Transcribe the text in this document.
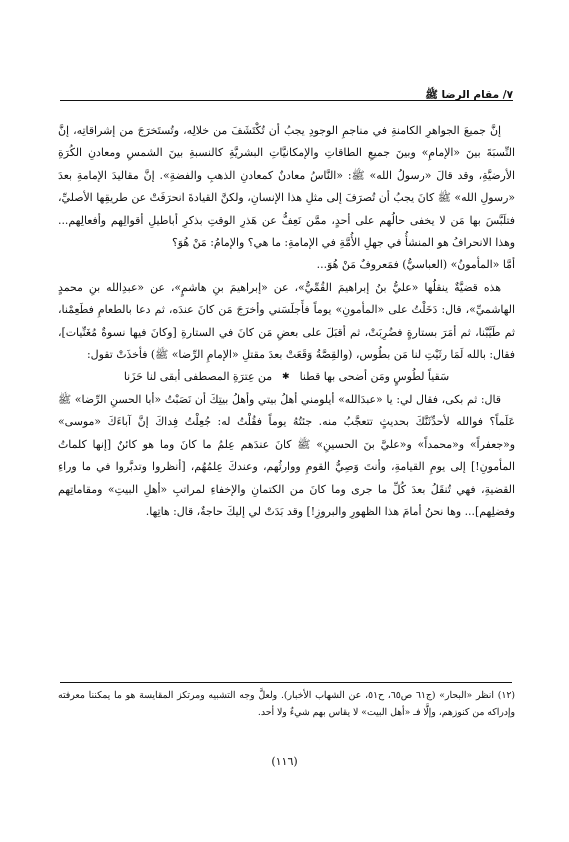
٧/ مقام الرضا ﷺ

إنَّ جميعَ الجواهرِ الكامنةِ في مناجمِ الوجودِ يجبُ أن تُكْتَشَفَ من خلالِه، وتُستَخرَجَ من إشراقاتِه، إنَّ النِّسبَةَ بينَ «الإمامِ» وبينَ جميعِ الطاقاتِ والإمكانيَّاتِ البشريَّةِ كالنسبةِ بينَ الشمسِ ومعادنِ الكُرَةِ الأرضيَّةِ، وقد قالَ «رسولُ الله» ﷺ: «النَّاسُ معادنٌ كمعادنِ الذهبِ والفضةِ». إنَّ مقاليدَ الإمامةِ بعدَ «رسولِ الله» ﷺ كانَ يجبُ أن تُصرَفَ إلى مثلِ هذا الإنسانِ، ولكنَّ القيادةَ انحرَفَتْ عن طريقِها الأصليِّ، فتلَبَّسَ بها مَن لا يخفى حالُهم على أحدٍ، ممَّن نَعِفُّ عن هَذرِ الوقتِ بذكرِ أباطيلِ أقوالِهم وأفعالِهم... وهذا الانحرافُ هو المنشأُ في جهلِ الأُمَّةِ في الإمامةِ: ما هي؟ والإمامُ: مَنْ هُوَ؟

أمَّا «المأمونُ» (العباسيُّ) فمَعروفٌ مَنْ هُوَ...

هذه قضيَّةٌ ينقلُها «عليُّ بنُ إبراهيمَ القُمِّيُّ»، عن «إبراهيمَ بنِ هاشمٍ»، عن «عبدِالله بنِ محمدٍ الهاشميِّ»، قال: دَخَلْتُ على «المأمونِ» يوماً فأَجلَسَني وأخرَجَ مَن كانَ عندَه، ثم دعا بالطعامِ فطَعِمْنا، ثم طَيَّبْنا، ثم أمَرَ بستارةٍ فضُرِبَتْ، ثم أقبَلَ على بعضِ مَن كانَ في الستارةِ [وكانَ فيها نسوةٌ مُغَنِّيات]، فقال: بالله لَمَا رثَيْتِ لنا مَن بطُوس، (والقِصَّةُ وَقَعَتْ بعدَ مقتلِ «الإمامِ الرِّضا» ﷺ) فأخذَتْ تقول:

سَقياً لطُوسٍ ومَن أضحى بها قطنا
✱
من عِترَةِ المصطفى أبقى لنا حَزَنا

قال: ثم بكى، فقال لي: يا «عبدَالله» أيلومني أهلُ بيتي وأهلُ بيتِكَ أن نَصَبْتُ «أبا الحسنِ الرِّضا» ﷺ عَلَماً؟ فوالله لأحدِّثَنَّكَ بحديثٍ تتعجَّبُ منه. جئتُهُ يوماً فقُلْتُ له: جُعِلْتُ فِداكَ إنَّ آباءَكَ «موسى» و«جعفراً» و«محمداً» و«عليَّ بنَ الحسينِ» ﷺ كانَ عندَهم عِلمُ ما كانَ وما هو كائنٌ [إنها كلماتُ المأمونِ!] إلى يومِ القيامةِ، وأنتَ وَصِيُّ القومِ ووارثُهم، وعندكَ عِلمُهُم، [أنظروا وتدبَّروا في ما وراءِ القضيةِ، فهي تُنقَلُ بعدَ كُلِّ ما جرى وما كانَ من الكتمانِ والإخفاءِ لمراتبِ «أهلِ البيتِ» ومقاماتِهم وفضلِهم]... وها نحنُ أمامَ هذا الظهورِ والبروزِ!] وقد بَدَتْ لي إليكَ حاجةٌ، قال: هاتِها.

(١٢) انظر «البحار» (ج٦١ ص٦٥، ح٥١، عن الشهاب الأخبار). ولعلَّ وجه التشبيه ومرتكز المقايسة هو ما يمكننا معرفته وإدراكه من كنوزهم، وإلَّا فـ «أهل البيت» لا يقاس بهم شيءٌ ولا أحد.

(١١٦)
